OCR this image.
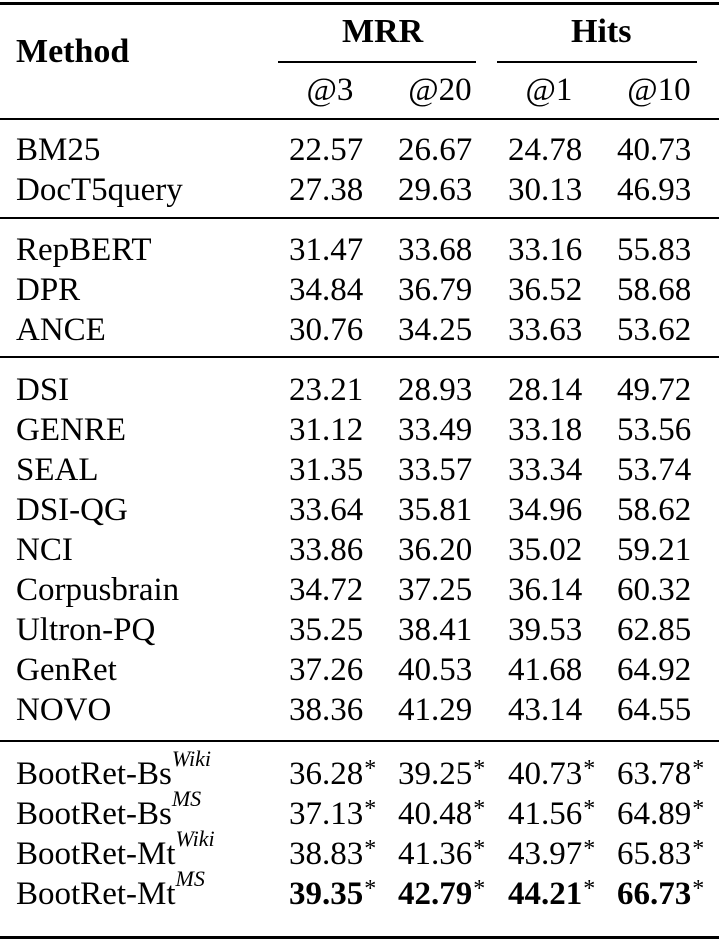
Method
MRR	Hits
@3	@20	@1	@10
BM25	22.57 26.67 24.78 40.73
DocT5query	27.38 29.63 30.13 46.93
RepBERT	31.47 33.68 33.16 55.83
DPR	34.84 36.79 36.52 58.68
ANCE	30.76 34.25 33.63 53.62
DSI	23.21 28.93 28.14 49.72
GENRE	31.12 33.49 33.18 53.56
SEAL	31.35 33.57 33.34 53.74
DSI-QG	33.64 35.81 34.96 58.62
NCI	33.86 36.20 35.02 59.21
Corpusbrain	34.72 37.25 36.14 60.32
Ultron-PQ	35.25 38.41 39.53 62.85
GenRet	37.26 40.53 41.68 64.92
NOVO	38.36 41.29 43.14 64.55
BootRet-$Bs^{Wiki}$ 36.28* 39.25* 40.73* 63.78*
BootRet-$Bs^{MS}$	37.13* 40.48* 41.56* 64.89*
BootRet-$Mt^{Wiki}$ 38.83* 41.36* 43.97* 65.83*
BootRet-$Mt^{MS}$	39.35* 42.79* 44.21* 66.73*
